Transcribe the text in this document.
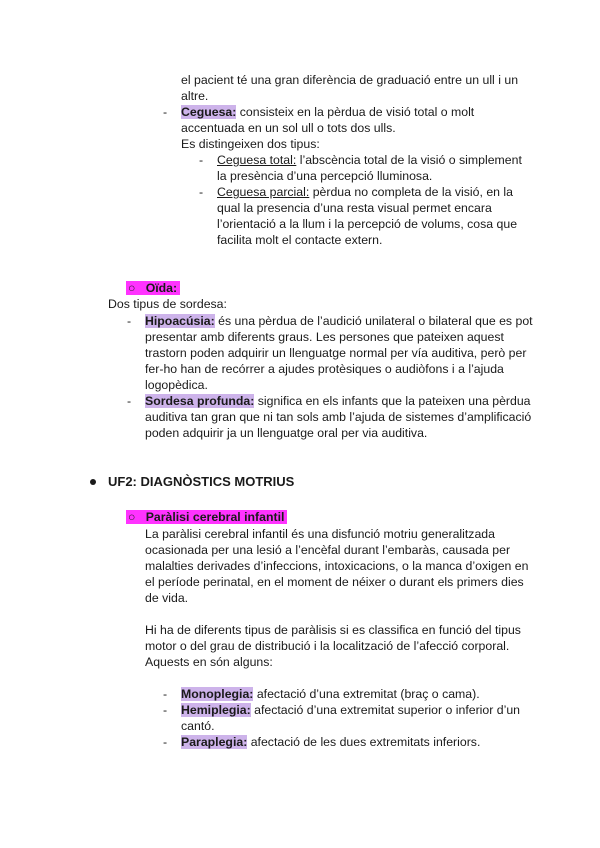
el pacient té una gran diferència de graduació entre un ull i un
altre.
- Ceguesa: consisteix en la pèrdua de visió total o molt
accentuada en un sol ull o tots dos ulls.
Es distingeixen dos tipus:
- Ceguesa total: l’abscència total de la visió o simplement
la presència d’una percepció lluminosa.
- Ceguesa parcial: pèrdua no completa de la visió, en la
qual la presencia d’una resta visual permet encara
l’orientació a la llum i la percepció de volums, cosa que
facilita molt el contacte extern.
○ Oïda:
Dos tipus de sordesa:
- Hipoacúsia: és una pèrdua de l’audició unilateral o bilateral que es pot
presentar amb diferents graus. Les persones que pateixen aquest
trastorn poden adquirir un llenguatge normal per vía auditiva, però per
fer-ho han de recórrer a ajudes protèsiques o audiòfons i a l’ajuda
logopèdica.
- Sordesa profunda: significa en els infants que la pateixen una pèrdua
auditiva tan gran que ni tan sols amb l’ajuda de sistemes d’amplificació
poden adquirir ja un llenguatge oral per via auditiva.
UF2: DIAGNÒSTICS MOTRIUS
○ Paràlisi cerebral infantil
La paràlisi cerebral infantil és una disfunció motriu generalitzada
ocasionada per una lesió a l’encèfal durant l’embaràs, causada per
malalties derivades d’infeccions, intoxicacions, o la manca d’oxigen en
el període perinatal, en el moment de néixer o durant els primers dies
de vida.
Hi ha de diferents tipus de paràlisis si es classifica en funció del tipus
motor o del grau de distribució i la localització de l’afecció corporal.
Aquests en són alguns:
- Monoplegia: afectació d’una extremitat (braç o cama).
- Hemiplegia: afectació d’una extremitat superior o inferior d’un
cantó.
- Paraplegia: afectació de les dues extremitats inferiors.
